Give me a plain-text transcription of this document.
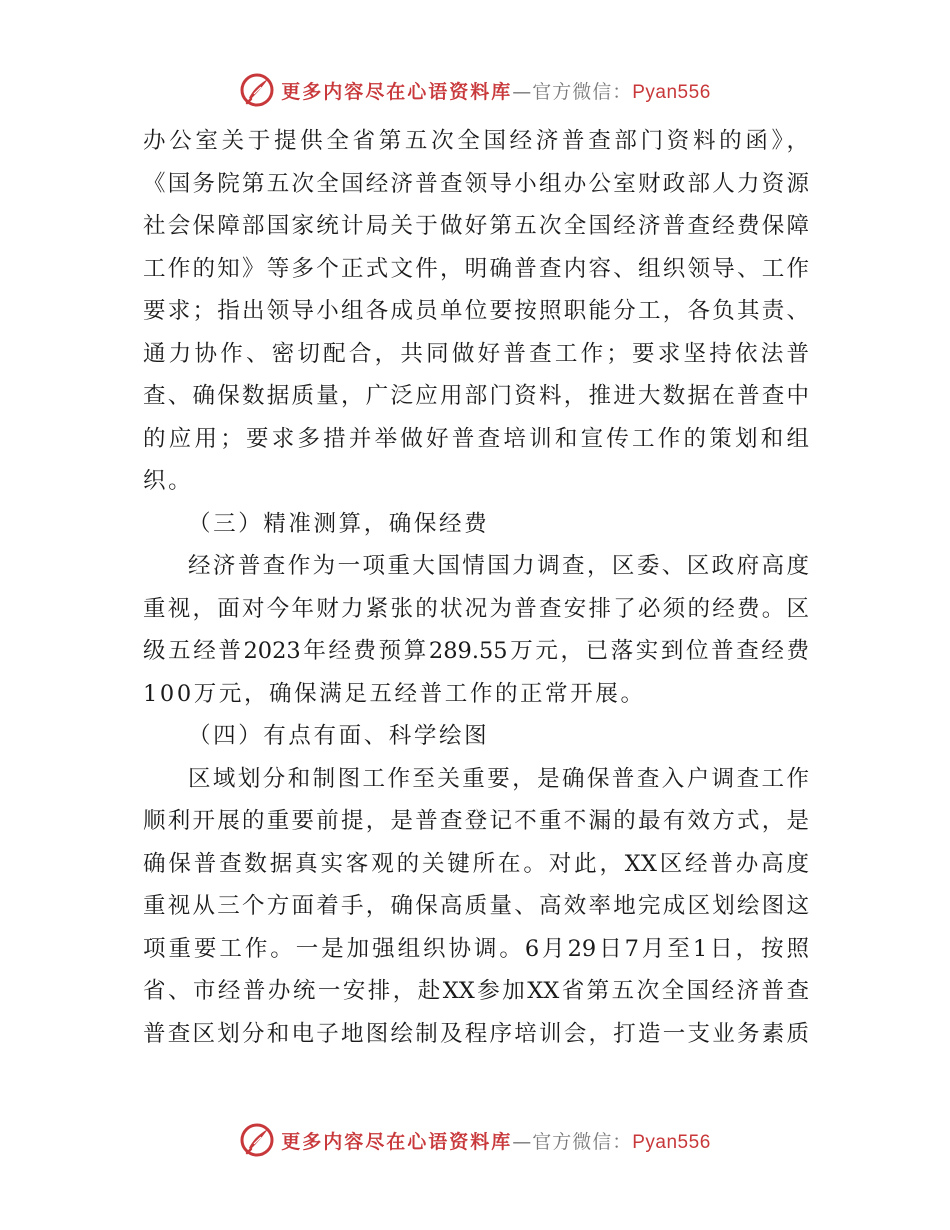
更多内容尽在心语资料库—官方微信：Pyan556
办公室关于提供全省第五次全国经济普查部门资料的函》，
《国务院第五次全国经济普查领导小组办公室财政部人力资源
社会保障部国家统计局关于做好第五次全国经济普查经费保障
工作的知》等多个正式文件，明确普查内容、组织领导、工作
要求；指出领导小组各成员单位要按照职能分工，各负其责、
通力协作、密切配合，共同做好普查工作；要求坚持依法普
查、确保数据质量，广泛应用部门资料，推进大数据在普查中
的应用；要求多措并举做好普查培训和宣传工作的策划和组
织。
（三）精准测算，确保经费
经济普查作为一项重大国情国力调查，区委、区政府高度
重视，面对今年财力紧张的状况为普查安排了必须的经费。区
级五经普2023年经费预算289.55万元，已落实到位普查经费
100万元，确保满足五经普工作的正常开展。
（四）有点有面、科学绘图
区域划分和制图工作至关重要，是确保普查入户调查工作
顺利开展的重要前提，是普查登记不重不漏的最有效方式，是
确保普查数据真实客观的关键所在。对此，XX区经普办高度
重视从三个方面着手，确保高质量、高效率地完成区划绘图这
项重要工作。一是加强组织协调。6月29日7月至1日，按照
省、市经普办统一安排，赴XX参加XX省第五次全国经济普查
普查区划分和电子地图绘制及程序培训会，打造一支业务素质
更多内容尽在心语资料库—官方微信：Pyan556
